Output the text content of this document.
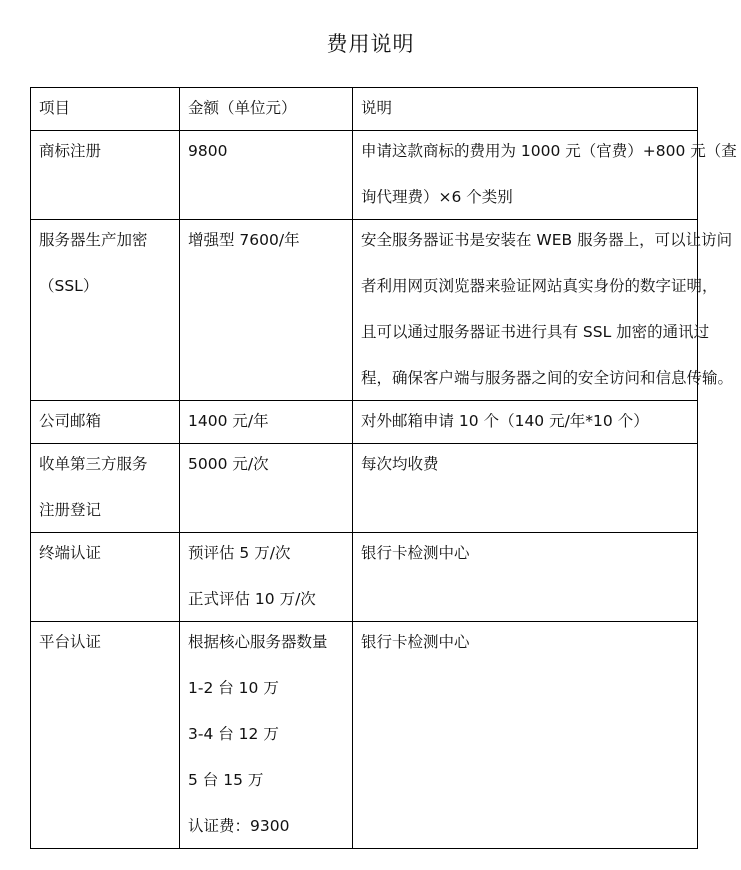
费用说明
项目	金额（单位元）	说明

商标注册	9800	申请这款商标的费用为 1000 元（官费）+800 元（查
询代理费）×6 个类别

服务器生产加密
（SSL）	增强型 7600/年	安全服务器证书是安装在 WEB 服务器上，可以让访问
者利用网页浏览器来验证网站真实身份的数字证明，
且可以通过服务器证书进行具有 SSL 加密的通讯过
程，确保客户端与服务器之间的安全访问和信息传输。

公司邮箱	1400 元/年	对外邮箱申请 10 个（140 元/年*10 个）

收单第三方服务
注册登记	5000 元/次	每次均收费

终端认证	预评估 5 万/次
正式评估 10 万/次	银行卡检测中心

平台认证	根据核心服务器数量
1-2 台 10 万
3-4 台 12 万
5 台 15 万
认证费：9300	银行卡检测中心
